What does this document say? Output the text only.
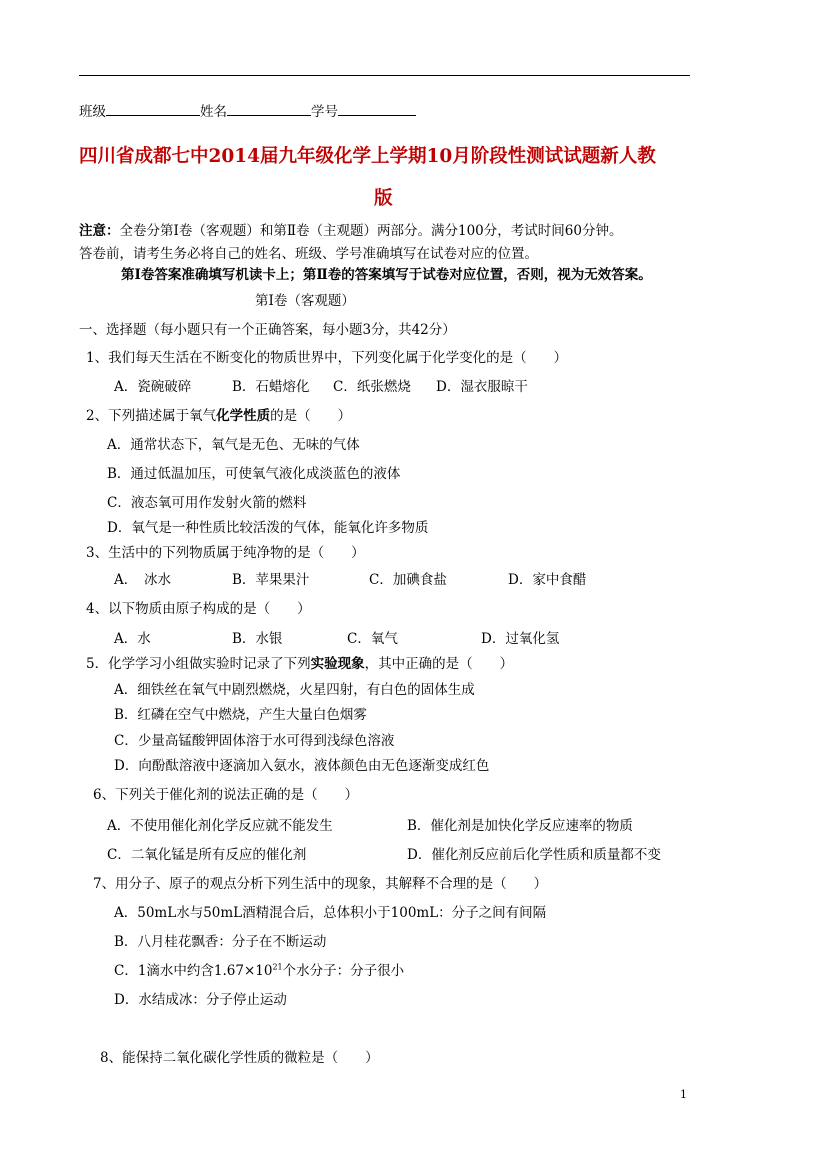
班级	姓名	学号
四川省成都七中2014届九年级化学上学期10月阶段性测试试题新人教
版
注意：全卷分第Ⅰ卷（客观题）和第Ⅱ卷（主观题）两部分。满分100分，考试时间60分钟。
答卷前，请考生务必将自己的姓名、班级、学号准确填写在试卷对应的位置。
第Ⅰ卷答案准确填写机读卡上；第Ⅱ卷的答案填写于试卷对应位置，否则，视为无效答案。
第Ⅰ卷（客观题）
一、选择题（每小题只有一个正确答案，每小题3分，共42分）
1、我们每天生活在不断变化的物质世界中，下列变化属于化学变化的是（　　）
A．瓷碗破碎	B．石蜡熔化 C．纸张燃烧 D．湿衣服晾干
2、下列描述属于氧气化学性质的是（　　）
A．通常状态下，氧气是无色、无味的气体
B．通过低温加压，可使氧气液化成淡蓝色的液体
C．液态氧可用作发射火箭的燃料
D．氧气是一种性质比较活泼的气体，能氧化许多物质
3、生活中的下列物质属于纯净物的是（　　）
A．　冰水	B．苹果果汁	C．加碘食盐	D．家中食醋
4、以下物质由原子构成的是（　　）
A．水	B．水银	C．氧气	D．过氧化氢
5．化学学习小组做实验时记录了下列实验现象，其中正确的是（　　）
A．细铁丝在氧气中剧烈燃烧，火星四射，有白色的固体生成
B．红磷在空气中燃烧，产生大量白色烟雾
C．少量高锰酸钾固体溶于水可得到浅绿色溶液
D．向酚酞溶液中逐滴加入氨水，液体颜色由无色逐渐变成红色
6、下列关于催化剂的说法正确的是（　　）
A．不使用催化剂化学反应就不能发生	B．催化剂是加快化学反应速率的物质
C．二氧化锰是所有反应的催化剂	D．催化剂反应前后化学性质和质量都不变
7、用分子、原子的观点分析下列生活中的现象，其解释不合理的是（　　）
A．50mL水与50mL酒精混合后，总体积小于100mL：分子之间有间隔
B．八月桂花飘香：分子在不断运动
C．1滴水中约含$1.67\times 10^{21}$个水分子：分子很小
D．水结成冰：分子停止运动
8、能保持二氧化碳化学性质的微粒是（　　）
1
